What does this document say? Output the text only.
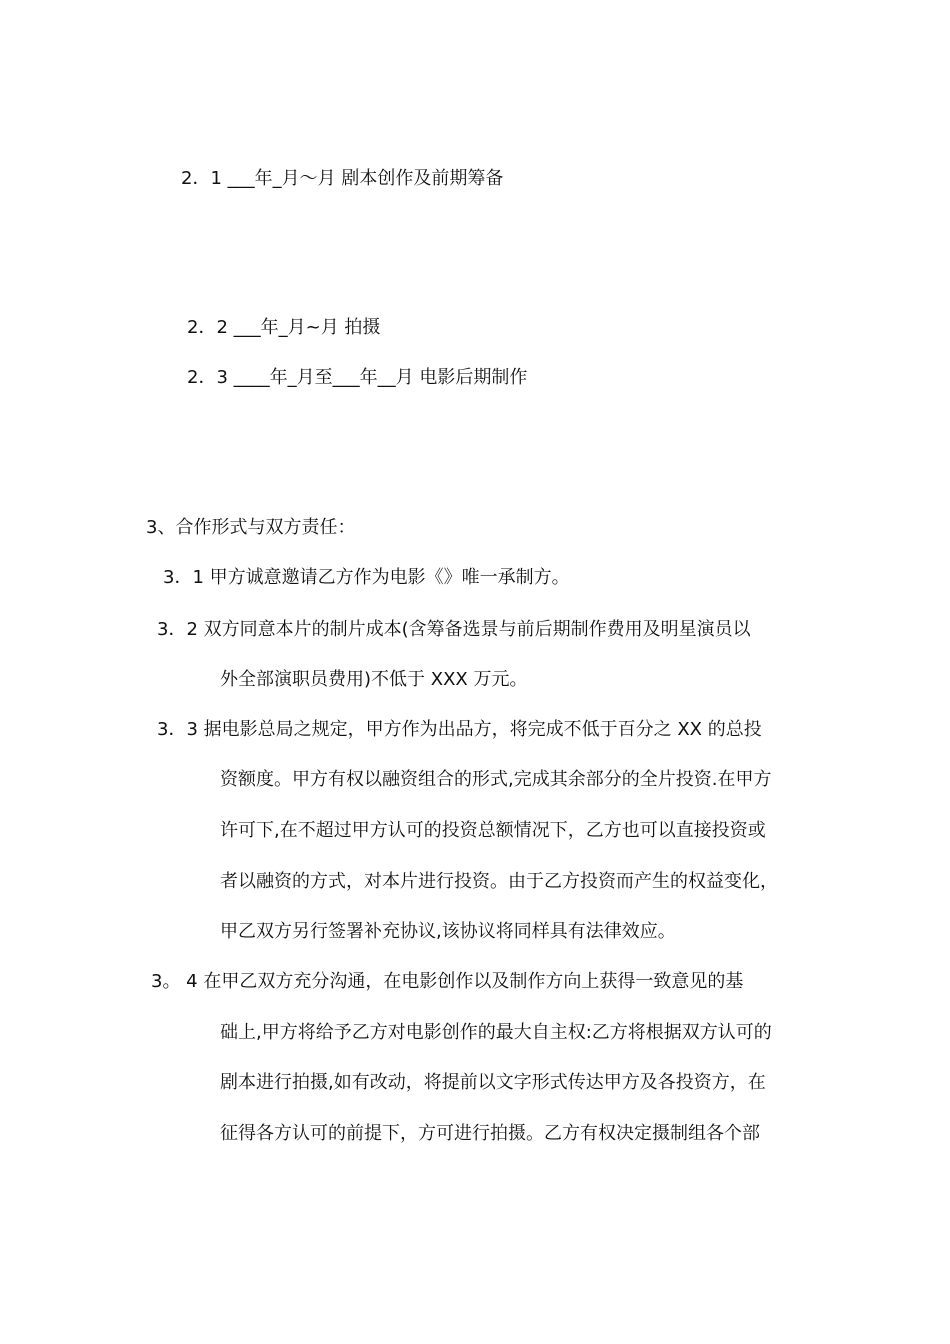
2．1 ___年_月～月 剧本创作及前期筹备
2．2 ___年_月~月 拍摄
2．3 ____年_月至___年__月 电影后期制作
3、合作形式与双方责任：
3．1 甲方诚意邀请乙方作为电影《》唯一承制方。
3．2 双方同意本片的制片成本(含筹备选景与前后期制作费用及明星演员以
外全部演职员费用)不低于 XXX 万元。
3．3 据电影总局之规定，甲方作为出品方，将完成不低于百分之 XX 的总投
资额度。甲方有权以融资组合的形式,完成其余部分的全片投资.在甲方
许可下,在不超过甲方认可的投资总额情况下，乙方也可以直接投资或
者以融资的方式，对本片进行投资。由于乙方投资而产生的权益变化，
甲乙双方另行签署补充协议,该协议将同样具有法律效应。
3。 4 在甲乙双方充分沟通，在电影创作以及制作方向上获得一致意见的基
础上,甲方将给予乙方对电影创作的最大自主权:乙方将根据双方认可的
剧本进行拍摄,如有改动，将提前以文字形式传达甲方及各投资方，在
征得各方认可的前提下，方可进行拍摄。乙方有权决定摄制组各个部
